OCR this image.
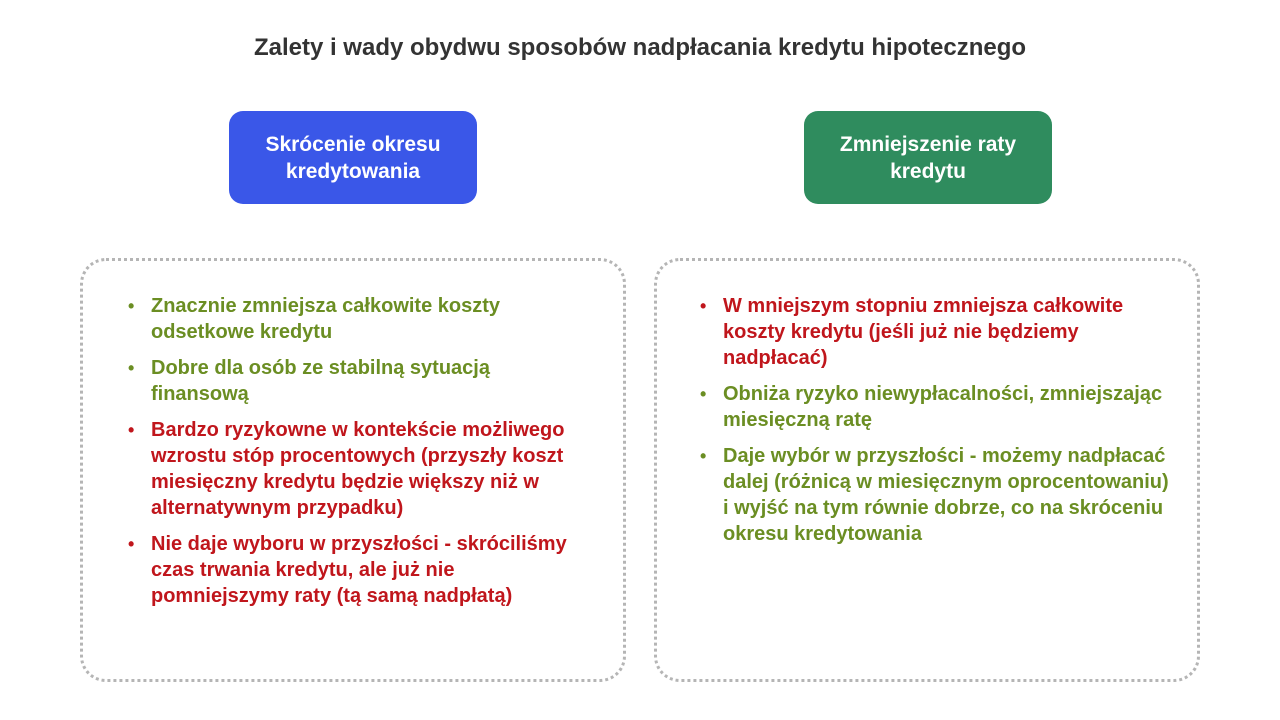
Zalety i wady obydwu sposobów nadpłacania kredytu hipotecznego
Skrócenie okresu kredytowania
Zmniejszenie raty kredytu
• Znacznie zmniejsza całkowite koszty odsetkowe kredytu
• Dobre dla osób ze stabilną sytuacją finansową
• Bardzo ryzykowne w kontekście możliwego wzrostu stóp procentowych (przyszły koszt miesięczny kredytu będzie większy niż w alternatywnym przypadku)
• Nie daje wyboru w przyszłości - skróciliśmy czas trwania kredytu, ale już nie pomniejszymy raty (tą samą nadpłatą)
• W mniejszym stopniu zmniejsza całkowite koszty kredytu (jeśli już nie będziemy nadpłacać)
• Obniża ryzyko niewypłacalności, zmniejszając miesięczną ratę
• Daje wybór w przyszłości - możemy nadpłacać dalej (różnicą w miesięcznym oprocentowaniu) i wyjść na tym równie dobrze, co na skróceniu okresu kredytowania
